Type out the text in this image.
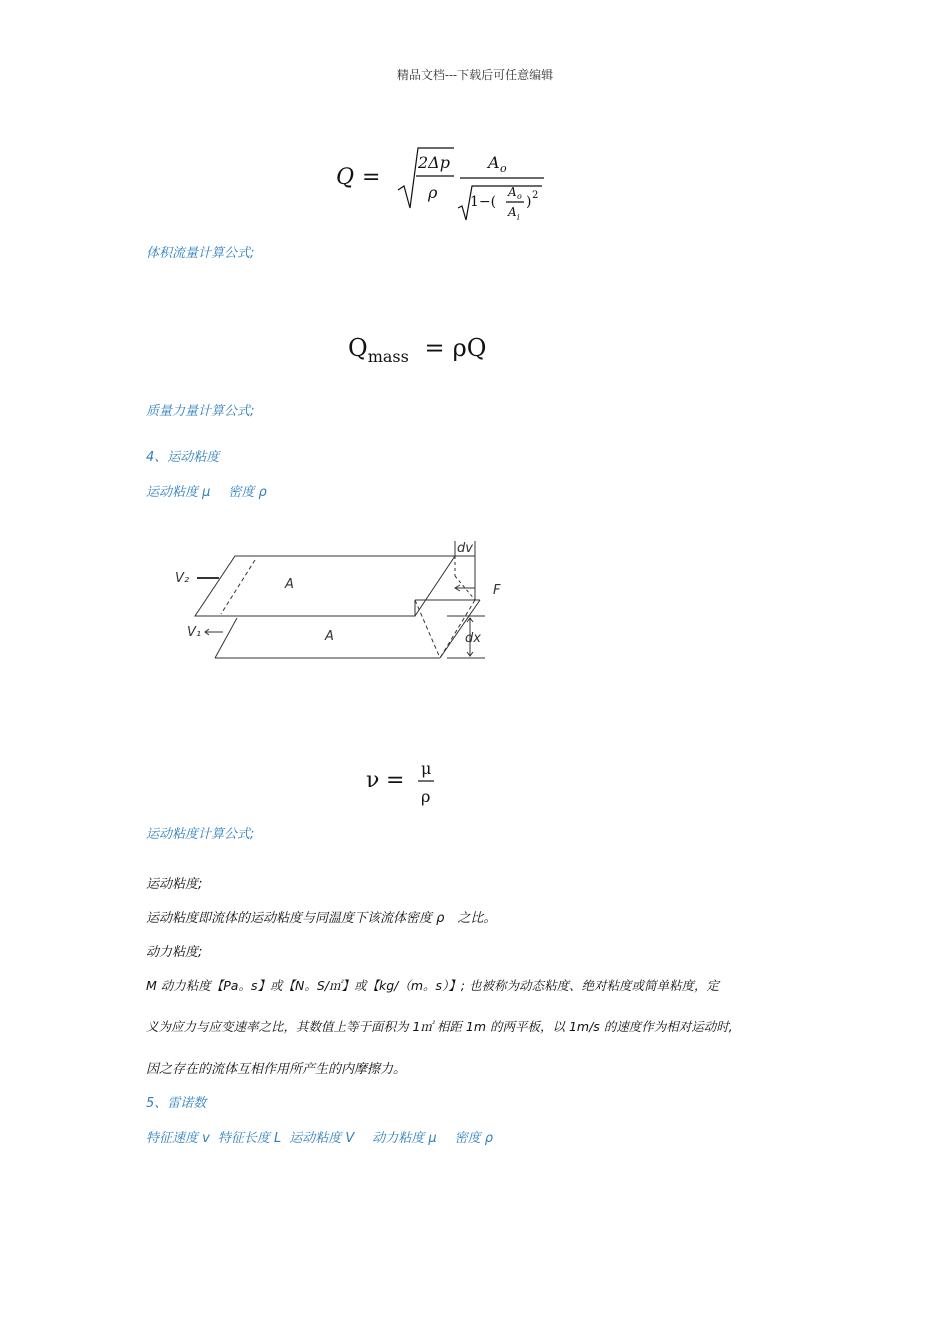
精品文档---下载后可任意编辑
Q =
2Δp
ρ
A o
1−(
A o
A i
) 2
体积流量计算公式;
$Q_{mass} = \rho Q$
质量力量计算公式;
4、运动粘度
运动粘度 μ 密度 ρ
V₂
V₁
A
A
dv
F
dx
ν = μ
ρ
运动粘度计算公式;
运动粘度;
运动粘度即流体的运动粘度与同温度下该流体密度 ρ　之比。
动力粘度;
M 动力粘度【Pa。s】或【N。S/㎡】或【kg/（m。s）】; 也被称为动态粘度、绝对粘度或简单粘度，定
义为应力与应变速率之比，其数值上等于面积为 1㎡ 相距 1m 的两平板，以 1m/s 的速度作为相对运动时,
因之存在的流体互相作用所产生的内摩擦力。
5、雷诺数
特征速度 v 特征长度 L 运动粘度 V 动力粘度 μ 密度 ρ
